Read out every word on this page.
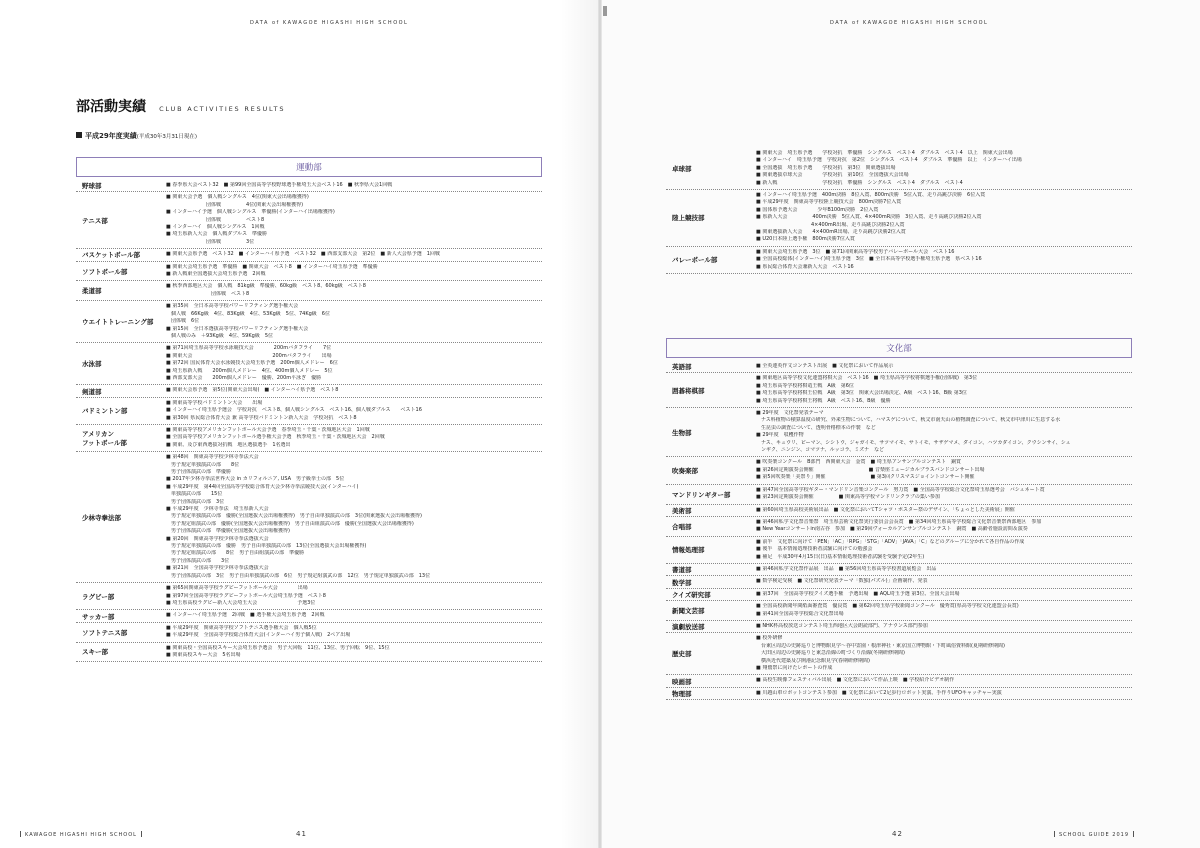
DATA of KAWAGOE HIGASHI HIGH SCHOOL
部活動実績 CLUB ACTIVITIES RESULTS
平成29年度実績(平成30年3月31日現在)
運動部
野球部	■ 春季県大会ベスト32　■ 第99回全国高等学校野球選手権埼玉大会ベスト16　■ 秋季県大会1回戦
テニス部
■ 関東大会予選　個人戦シングルス　4位(関東大会出場権獲得)
　　　　　　　　団体戦　　　　　4位(関東大会出場権獲得)
■ インターハイ予選　個人戦シングルス　準優勝(インターハイ出場権獲得)
　　　　　　　　団体戦　　　　　ベスト8
■ インターハイ　個人戦シングルス　1回戦
■ 埼玉県新人大会　個人戦ダブルス　準優勝
　　　　　　　　団体戦　　　　　3位
バスケットボール部	■ 関東大会県予選　ベスト32　■ インターハイ県予選　ベスト32　■ 西部支部大会　第2位　■ 新人大会県予選　1回戦
ソフトボール部
■ 関東大会埼玉県予選　準優勝　■ 関東大会　ベスト8　■ インターハイ埼玉県予選　準優勝
■ 新人戦東全国選抜大会埼玉県予選　2回戦
柔道部
■ 秋季西部地区大会　個人戦　81kg級　準優勝、60kg級　ベスト8、60kg級　ベスト8
　　　　　　　　　団体戦　ベスト8
ウエイトトレーニング部
■ 第35回　全日本高等学校パワーリフティング選手権大会
　個人戦　66Kg級　4位、83Kg級　4位、53Kg級　5位、74Kg級　6位
　団体戦　6位
■ 第15回　全日本選抜高等学校パワーリフティング選手権大会
　個人戦のみ　＋93Kg級　4位、59Kg級　5位
水泳部
■ 第71回埼玉県高等学校水泳競技大会　　　　200mバタフライ　　7位
■ 関東大会　　　　　　　　　　　　　　　　200mバタフライ　　出場
■ 第72回 国民体育大会水泳競技大会埼玉県予選　200m個人メドレー　6位
■ 埼玉県新人戦　　200m個人メドレー　4位、400m個人メドレー　5位
■ 西部支部大会　　200m個人メドレー　優勝、200m平泳ぎ　優勝
剣道部	■ 関東大会県予選　第5位(関東大会出場)　■ インターハイ県予選　ベスト8
バドミントン部
■ 関東高等学校バドミントン大会　　出場
■ インターハイ埼玉県予選会　学校対抗　ベスト8、個人戦シングルス　ベスト16、個人戦ダブルス　　ベスト16
■ 第30回 県民総合体育大会 兼 高等学校バドミントン新人大会　学校対抗　ベスト8
アメリカン
フットボール部
■ 関東高等学校アメリカンフットボール大会予選　春季埼玉・千葉・茨城地区大会　1回戦
■ 全国高等学校アメリカンフットボール選手権大会予選　秋季埼玉・千葉・茨城地区大会　2回戦
■ 関東、及び東西選抜対抗戦　地区選抜選手　1名選出
少林寺拳法部
■ 第48回　関東高等学校少林寺拳法大会
　男子規定単独演武の部　　8位
　男子団体演武の部　準優勝
■ 2017年少林寺拳法世界大会 in カリフォルニア, USA　男子級拳士の部　5位
■ 平成29年度　第44回全国高等学校総合体育大会少林寺拳法競技大会(インターハイ)
　単独演武の部　　15位
　男子団体演武の部　3位
■ 平成29年度　少林寺拳法　埼玉県新人大会
　男子規定単独演武の部　優勝(全国選抜大会出場権獲得)　男子自由単独演武の部　3位(関東選抜大会出場権獲得)
　男子規定組演武の部　優勝(全国選抜大会出場権獲得)　男子自由組演武の部　優勝(全国選抜大会出場権獲得)
　男子団体演武の部　準優勝(全国選抜大会出場権獲得)
■ 第20回　関東高等学校少林寺拳法選抜大会
　男子規定単独演武の部　優勝　男子自由単独演武の部　13位(全国選抜大会出場権獲得)
　男子規定組演武の部　　8位　男子自由組演武の部　準優勝
　男子団体演武の部　　3位
■ 第21回　全国高等学校少林寺拳法選抜大会
　男子団体演武の部　3位　男子自由単独演武の部　6位　男子規定組演武の部　12位　男子規定単独演武の部　13位
ラグビー部
■ 第65回関東高等学校ラグビーフットボール大会　　　　出場
■ 第97回全国高等学校ラグビーフットボール大会埼玉県予選　ベスト8
■ 埼玉県高校ラグビー新人大会埼玉大会　　　　　　　　予選3位
サッカー部	■ インターハイ埼玉県予選　2回戦　■ 選手権大会埼玉県予選　2回戦
ソフトテニス部
■ 平成29年度　関東高等学校ソフトテニス選手権大会　個人戦5位
■ 平成29年度　全国高等学校総合体育大会(インターハイ男子個人戦)　2ペア出場
スキー部
■ 関東高校・全国高校スキー大会埼玉県予選会　男子大回転　11位、13位、男子回転　9位、15位
■ 関東高校スキー大会　5名出場
KAWAGOE HIGASHI HIGH SCHOOL	41
DATA of KAWAGOE HIGASHI HIGH SCHOOL
卓球部
■ 関東大会　埼玉県予選　　学校対抗　準優勝　シングルス　ベスト4　ダブルス　ベスト4　以上　関東大会出場
■ インターハイ　埼玉県予選　学校対抗　第2位　シングルス　ベスト4　ダブルス　準優勝　以上　インターハイ出場
■ 全国選抜　埼玉県予選　　学校対抗　第3位　関東選抜出場
■ 関東選抜卓球大会　　　　学校対抗　第10位　全国選抜大会出場
■ 新人戦　　　　　　　　　学校対抗　準優勝　シングルス　ベスト4　ダブルス　ベスト4
陸上競技部
■ インターハイ埼玉県予選　400m決勝　8位入賞、800m決勝　5位入賞、走り高跳び決勝　6位入賞
■ 平成29年度　関東高等学校陸上競技大会　800m決勝7位入賞
■ 国体県予選大会　　　　少年B100m決勝　2位入賞
■ 県新人大会　　　　　400m決勝　5位入賞、4×400mR決勝　3位入賞、走り高跳び決勝2位入賞
　　　　　　　　　　　4×400mR出場、走り高跳び決勝2位入賞
■ 関東選抜新人大会　　4×400mR出場、走り高跳び決勝2位入賞
■ U20日本陸上選手権　800m決勝7位入賞
バレーボール部
■ 関東大会埼玉県予選　3位　■ 第71回関東高等学校男子バレーボール大会　ベスト16
■ 全国高校総体(インターハイ)埼玉県予選　3位　■ 全日本高等学校選手権埼玉県予選　県ベスト16
■ 県民総合体育大会兼新人大会　ベスト16
文化部
英語部	■ 全英連英作文コンテスト出展　■ 文化祭において作品展示
囲碁将棋部
■ 関東地区高等学校文化連盟将棋大会　ベスト16　■ 埼玉県高等学校将棋選手権(団体戦)　第3位
■ 埼玉県高等学校将棋竜王戦　A級　第6位
■ 埼玉県高等学校将棋王位戦　A級　第3位　関東大会出場決定、A級　ベスト16、B級 第3位
■ 埼玉県高等学校将棋王将戦　A級　ベスト16、B級　優勝
生物部
■ 29年度　文化祭発表テーマ
　ナス科植物の積算温度の研究、外来生物について、ハマスゲについて、秋父市南天山の植物調査について、秋父市中津川に生息する水
　生昆虫の調査について、透明骨格標本の作製　など
■ 29年度　収穫作物
　ナス、キュウリ、ピーマン、シシトウ、ジャガイモ、サツマイモ、サトイモ、サザゲマメ、ダイコン、ハツカダイコン、クウシンサイ、シュ
　ンギク、ニンジン、コマツナ、ルッコラ、ミズナ　など
吹奏楽部
■ 吹奏楽コンクール　B部門　西関東大会　金賞　■ 埼玉県アンサンブルコンテスト　銅賞
■ 第26回定期演奏会開催　　　　　　　　　　　■ 音楽座ミュージカルブラスバンドコンサート出場
■ 第5回吹奏楽「美祭り」開催　　　　　　　　　■ 第3回クリスマスジョイントコンサート開催
マンドリンギター部
■ 第47回全国高等学校ギター・マンドリン音楽コンクール　努力賞　■ 全国高等学校総合文化祭埼玉県選考会　バシュネート賞
■ 第23回定期演奏会開催　　　　　■ 関東高等学校マンドリンクラブの集い参加
美術部	■ 第60回埼玉県高校美術展出品　■ 文化祭においてTシャツ・ポスター祭のデザイン、「ちょっとした美術展」開催
合唱部
■ 第46回私学文化祭音楽祭　埼玉県芸術文化祭実行委員会会長賞　■ 第34回埼玉県高等学校総合文化祭音楽祭西部地区　参加
■ New Yearコンサートin南古谷　参加　■ 第29回ヴォーカルアンサンブルコンテスト　銅賞　■ 高齢者施設訪問＆演奏
情報処理部
■ 前半　文化祭に向けて「PEN」「AC」「RPG」「STG」「ADV」「JAVA」「C」などのグループに分かれて各自作品の作成
■ 後半　基本情報処理技術者試験に向けての勉強会
■ 補足　平成30年4月15日(日)基本情報処理技術者試験を受験予定(2年生)
書道部	■ 第46回私学文化祭作品展　出品　■ 第56回埼玉県高等学校書道展覧会　出品
数学部	■ 数学検定受検　■ 文化祭研究発表テーマ「数独(パズル)」企画制作、発表
クイズ研究部	■ 第37回　全国高等学校クイズ選手権　予選出場　■ AQL埼玉予選 第3位、全国大会出場
新聞文芸部
■ 全国高校新聞年間紙面審査賞　優良賞　■ 第62回埼玉県学校新聞コンクール　優秀賞(県高等学校文化連盟会長賞)
■ 第41回全国高等学校総合文化祭出場
演劇放送部	■ NHK杯高校放送コンテスト埼玉西地区大会朗読部門、アナウンス部門参加
歴史部
■ 校外研修
　台東区周辺の史跡巡りと博物館見学～谷中霊園・根津神社・東京国立博物館・下町風俗資料館(夏期研修期間)
　大田区周辺の史跡巡りと東急沿線の町づくり沿線(冬期研修期間)
　横浜近代建築及び開港記念館見学(春期研修期間)
■ 翔鷲祭に向けたレポートの作成
映画部	■ 高校生映像フェスティバル出展　■ 文化祭において作品上映　■ 学校紹介ビデオ制作
物理部	■ 川越山車ロボットコンテスト参加　■ 文化祭において2足歩行ロボット実演、手作りUFOキャッチャー実演
42	SCHOOL GUIDE 2019
